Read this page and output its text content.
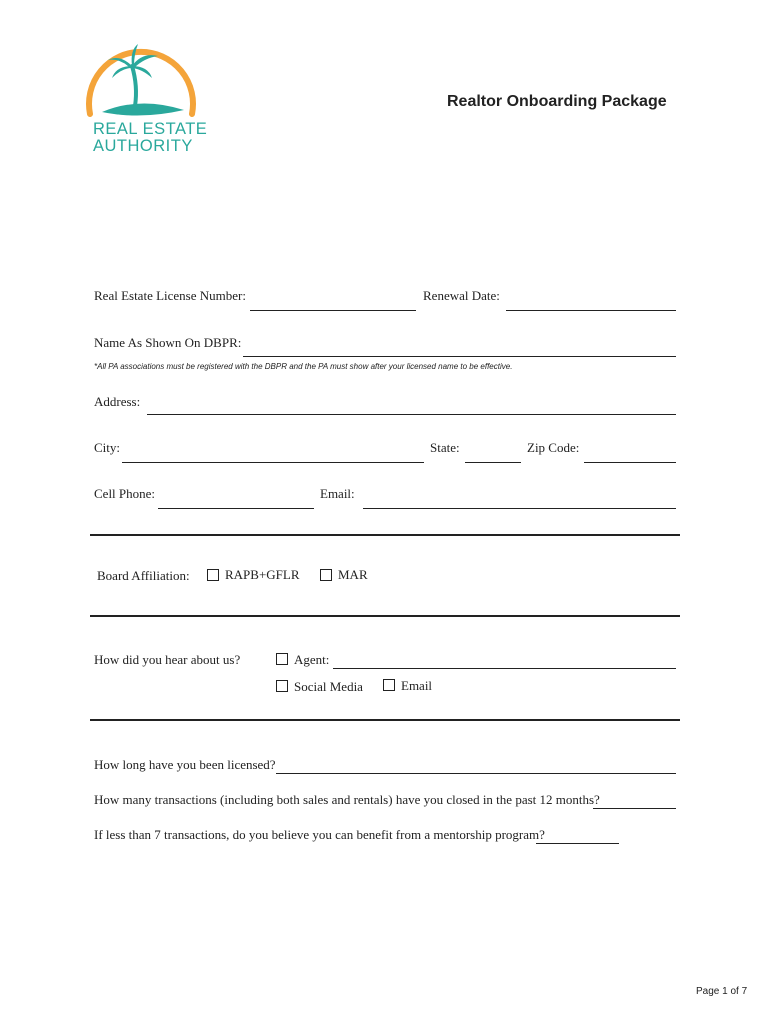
REAL ESTATE
AUTHORITY
Realtor Onboarding Package
Real Estate License Number:	Renewal Date:
Name As Shown On DBPR:
*All PA associations must be registered with the DBPR and the PA must show after your licensed name to be effective.
Address:
City:	State:	Zip Code:
Cell Phone:	Email:
Board Affiliation:	RAPB+GFLR	MAR
How did you hear about us?	Agent:
Social Media	Email
How long have you been licensed?
How many transactions (including both sales and rentals) have you closed in the past 12 months?
If less than 7 transactions, do you believe you can benefit from a mentorship program?
Page 1 of 7
